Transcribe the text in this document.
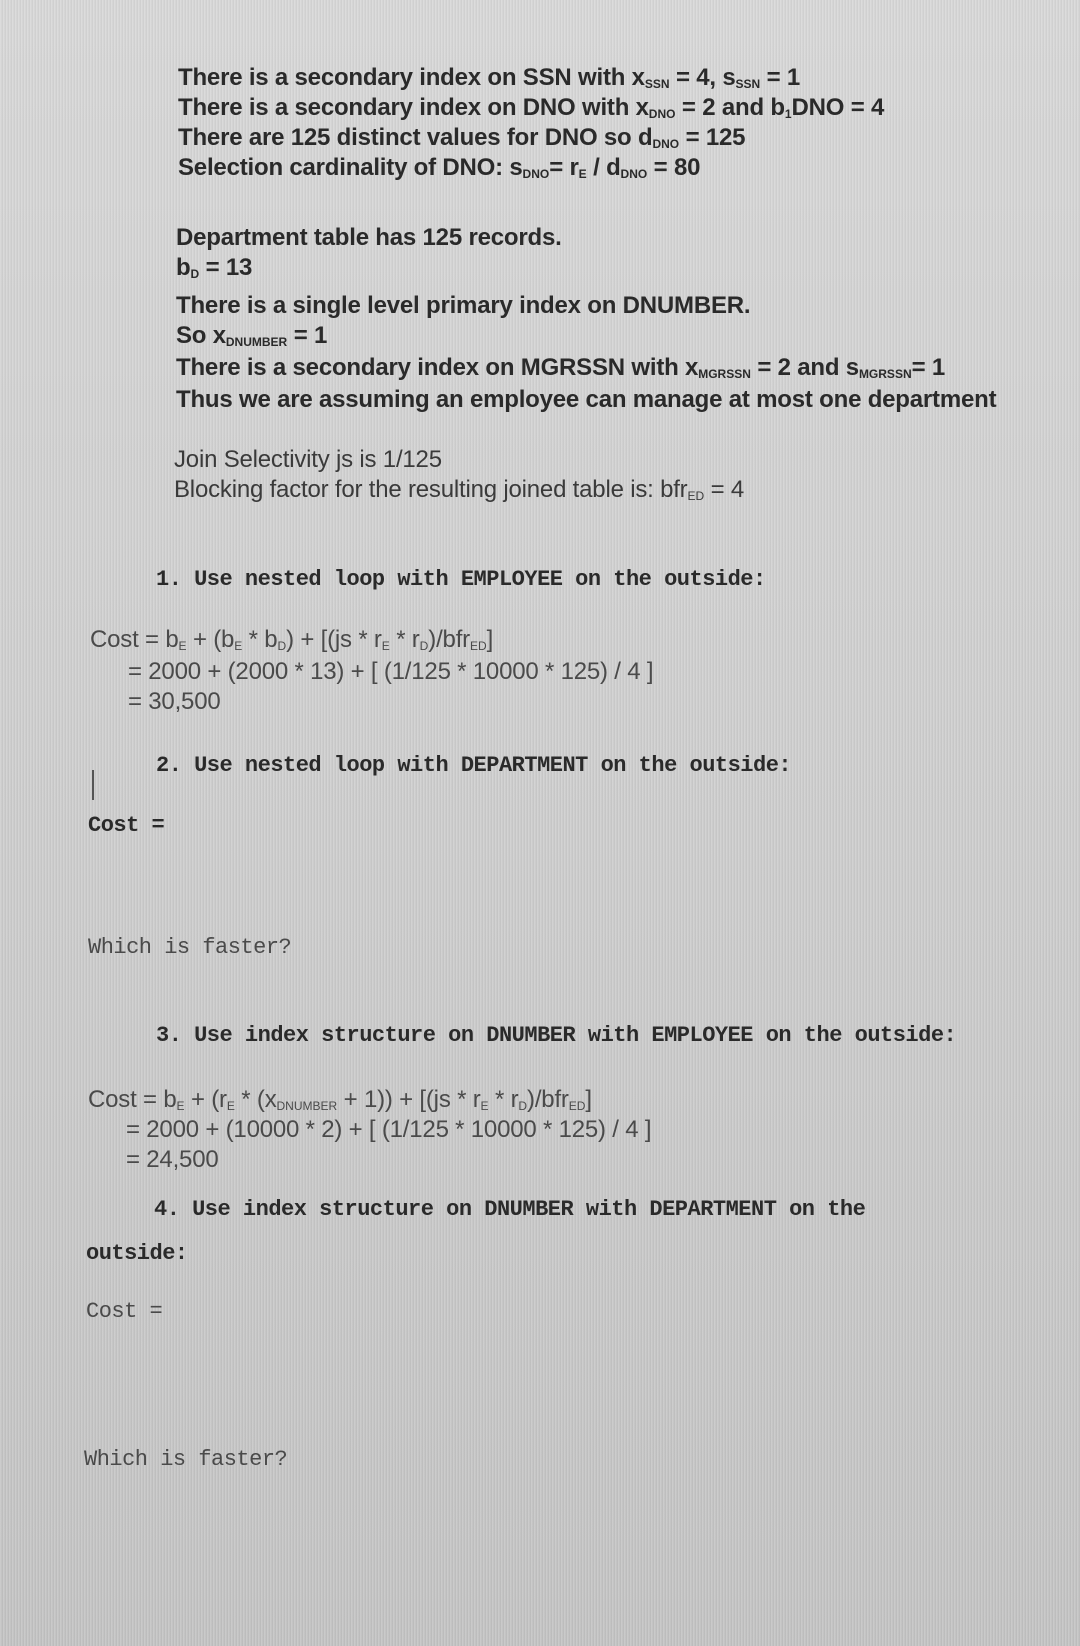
There is a secondary index on SSN with $x_{SSN} = 4$, $s_{SSN} = 1$
There is a secondary index on DNO with $x_{DNO} = 2$ and $b_1DNO = 4$
There are 125 distinct values for DNO so $d_{DNO} = 125$
Selection cardinality of DNO: $s_{DNO}= r_E / d_{DNO} = 80$
Department table has 125 records.
$b_D = 13$
There is a single level primary index on DNUMBER.
So $x_{DNUMBER} = 1$
There is a secondary index on MGRSSN with $x_{MGRSSN} = 2$ and $s_{MGRSSN}= 1$
Thus we are assuming an employee can manage at most one department
Join Selectivity js is 1/125
Blocking factor for the resulting joined table is: bfr$_{ED}$ = 4
1. Use nested loop with EMPLOYEE on the outside:
Cost = $b_E + (b_E * b_D) + [(js * r_E * r_D)/bfr_{ED}]$
= 2000 + (2000 * 13) + [ (1/125 * 10000 * 125) / 4 ]
= 30,500
2. Use nested loop with DEPARTMENT on the outside:
Cost =
Which is faster?
3. Use index structure on DNUMBER with EMPLOYEE on the outside:
Cost = $b_E + (r_E * (x_{DNUMBER} + 1)) + [(js * r_E * r_D)/bfr_{ED}]$
= 2000 + (10000 * 2) + [ (1/125 * 10000 * 125) / 4 ]
= 24,500
4. Use index structure on DNUMBER with DEPARTMENT on the
outside:
Cost =
Which is faster?
